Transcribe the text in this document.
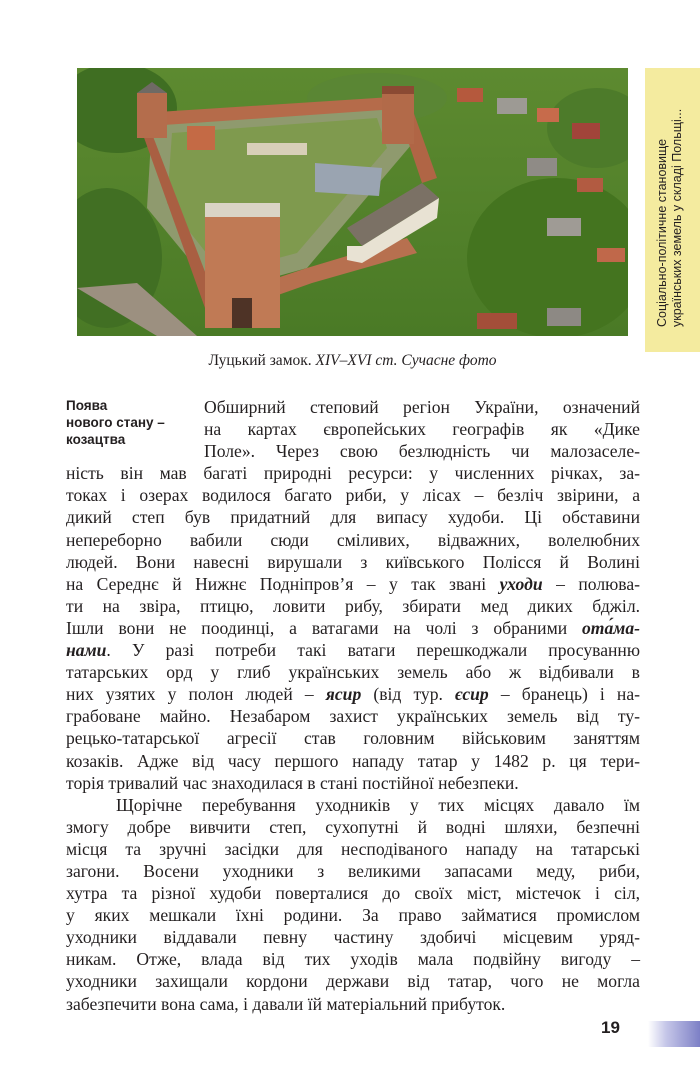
Луцький замок. XIV–XVI ст. Сучасне фото
Соціально-політичне становище українських земель у складі Польщі...
Поява
нового стану –
козацтва
Обширний степовий регіон України, означений
на картах європейських географів як «Дике
Поле». Через свою безлюдність чи малозаселе-
ність він мав багаті природні ресурси: у численних річках, за-
токах і озерах водилося багато риби, у лісах – безліч звірини, а
дикий степ був придатний для випасу худоби. Ці обставини
непереборно вабили сюди сміливих, відважних, волелюбних
людей. Вони навесні вирушали з київського Полісся й Волині
на Середнє й Нижнє Подніпров’я – у так звані уходи – полюва-
ти на звіра, птицю, ловити рибу, збирати мед диких бджіл.
Ішли вони не поодинці, а ватагами на чолі з обраними ота́ма-
нами. У разі потреби такі ватаги перешкоджали просуванню
татарських орд у глиб українських земель або ж відбивали в
них узятих у полон людей – ясир (від тур. єсир – бранець) і на-
грабоване майно. Незабаром захист українських земель від ту-
рецько-татарської агресії став головним військовим заняттям
козаків. Адже від часу першого нападу татар у 1482 р. ця тери-
торія тривалий час знаходилася в стані постійної небезпеки.
Щорічне перебування уходників у тих місцях давало їм
змогу добре вивчити степ, сухопутні й водні шляхи, безпечні
місця та зручні засідки для несподіваного нападу на татарські
загони. Восени уходники з великими запасами меду, риби,
хутра та різної худоби поверталися до своїх міст, містечок і сіл,
у яких мешкали їхні родини. За право займатися промислом
уходники віддавали певну частину здобичі місцевим уряд-
никам. Отже, влада від тих уходів мала подвійну вигоду –
уходники захищали кордони держави від татар, чого не могла
забезпечити вона сама, і давали їй матеріальний прибуток.
19
